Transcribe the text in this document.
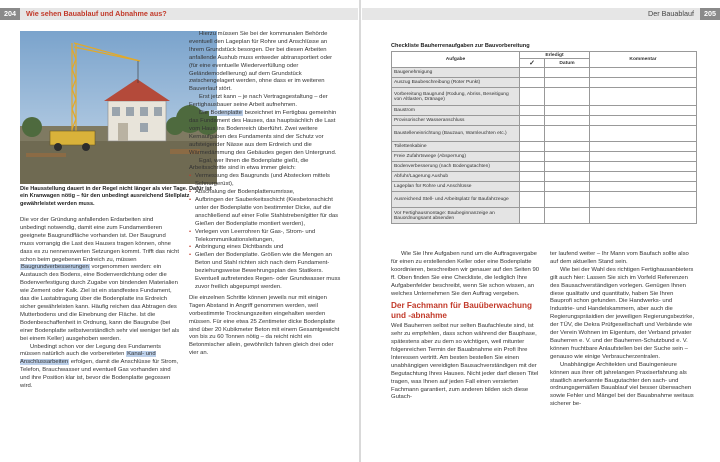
204	Wie sehen Bauablauf und Abnahme aus?	Der Bauablauf	205
Die Hausstellung dauert in der Regel nicht länger als vier Tage. Dafür ist ein Kranwagen nötig – für den unbedingt ausreichend Stellplatz gewährleistet werden muss.

Die vor der Gründung anfallenden Erdarbeiten sind unbedingt notwendig, damit eine zum Fundamentieren geeignete Baugrundfläche vorhanden ist. Der Baugrund muss vorrangig die Last des Hauses tragen können, ohne dass es zu nennenswerten Setzungen kommt. Trifft das nicht schon beim gegebenen Erdreich zu, müssen Baugrundverbesserungen vorgenommen werden: ein Austausch des Bodens, eine Bodenverdichtung oder die Bodenverfestigung durch Zugabe von bindenden Materialien wie Zement oder Kalk. Ziel ist ein standfestes Fundament, das die Lastabtragung über die Bodenplatte ins Erdreich sicher gewährleisten kann. Häufig reichen das Abtragen des Mutterbodens und die Einebnung der Fläche. Ist die Bodenbeschaffenheit in Ordnung, kann die Baugrube (bei einer Bodenplatte selbstverständlich sehr viel weniger tief als bei einem Keller) ausgehoben werden.

Unbedingt schon vor der Legung des Fundaments müssen natürlich auch die vorbereiteten Kanal- und Anschlussarbeiten erfolgen, damit die Anschlüsse für Strom, Telefon, Brauchwasser und eventuell Gas vorhanden sind und ihre Position klar ist, bevor die Bodenplatte gegossen wird.

Hierzu müssen Sie bei der kommunalen Behörde eventuell den Lageplan für Rohre und Anschlüsse an Ihrem Grundstück besorgen. Der bei diesen Arbeiten anfallende Aushub muss entweder abtransportiert oder (für eine eventuelle Wiederverfüllung oder Geländemodellierung) auf dem Grundstück zwischengelagert werden, ohne dass er im weiteren Bauverlauf stört.

Erst jetzt kann – je nach Vertragsgestaltung – der Fertighausbauer seine Arbeit aufnehmen.

Die Bodenplatte bezeichnet im Fertigbau gemeinhin das Fundament des Hauses, das hauptsächlich die Last vom Haus ins Bodenreich überführt. Zwei weitere Kernaufgaben des Fundaments sind der Schutz vor aufsteigender Nässe aus dem Erdreich und die Wärmedämmung des Gebäudes gegen den Untergrund.

Egal, wer Ihnen die Bodenplatte gießt, die Arbeitsschritte sind in etwa immer gleich:

• Vermessung des Baugrunds (und Abstecken mittels Schnurgerüst),
• Abschalung der Bodenplattenumrisse,
• Aufbringen der Sauberkeitsschicht (Kiesbetonschicht unter der Bodenplatte von bestimmter Dicke, auf die anschließend auf einer Folie Stahlstreben/gitter für das Gießen der Bodenplatte montiert werden),
• Verlegen von Leerrohren für Gas-, Strom- und Telekommunikationsleitungen,
• Anbringung eines Dichtbands und
• Gießen der Bodenplatte. Größen wie die Mengen an Beton und Stahl richten sich nach dem Fundament- beziehungsweise Bewehrungsplan des Statikers. Eventuell auftretendes Regen- oder Grundwasser muss zuvor freilich abgepumpt werden.

Die einzelnen Schritte können jeweils nur mit einigen Tagen Abstand in Angriff genommen werden, weil vorbestimmte Trocknungszeiten eingehalten werden müssen. Für eine etwa 25 Zentimeter dicke Bodenplatte sind über 20 Kubikmeter Beton mit einem Gesamtgewicht von bis zu 60 Tonnen nötig – da reicht nicht ein Betonmischer allein, gewöhnlich fahren gleich drei oder vier an.

Checkliste Bauherrenaufgaben zur Bauvorbereitung
Aufgabe	Erledigt		Kommentar
	✓	Datum	
Baugenehmigung			
Auszug Baubeschreibung (Roter Punkt)			
Vorbereitung Baugrund (Rodung, Abriss, Beseitigung von Altlasten, Dränage)			
Baustrom			
Provisorischer Wasseranschluss			
Baustelleneinrichtung (Bauzaun, Warnleuchten etc.)			
Toilettenkabine			
Freie Zufahrtswege (Absperrung)			
Bodenverbesserung (nach Bodengutachten)			
Abfuhr/Lagerung Aushub			
Lageplan für Rohre und Anschlüsse			
Ausreichend Stell- und Arbeitsplatz für Baufahrzeuge			
Vor Fertighausmontage: Baubeginnanzeige an Bauordnungsamt absenden			

Wie Sie Ihre Aufgaben rund um die Auftragsvergabe für einen zu erstellenden Keller oder eine Bodenplatte koordinieren, beschreiben wir genauer auf den Seiten 90 ff. Oben finden Sie eine Checkliste, die lediglich Ihre Aufgabenfelder beschreibt, wenn Sie schon wissen, an welches Unternehmen Sie den Auftrag vergeben.

Der Fachmann für Bauüberwachung und -abnahme

Weil Bauherren selbst nur selten Baufachleute sind, ist sehr zu empfehlen, dass schon während der Bauphase, spätestens aber zu dem so wichtigen, weil mitunter folgenreichen Termin der Bauabnahme ein Profi Ihre Interessen vertritt. Am besten bestellen Sie einen unabhängigen vereidigten Bausachverständigen mit der Begutachtung Ihres Hauses. Nicht jeder darf diesen Titel tragen, was Ihnen auf jeden Fall einen versierten Fachmann garantiert, zum anderen bilden sich diese Gutach-

ter laufend weiter – Ihr Mann vom Baufach sollte also auf dem aktuellen Stand sein.

Wie bei der Wahl des richtigen Fertighausanbieters gilt auch hier: Lassen Sie sich im Vorfeld Referenzen des Bausachverständigen vorlegen. Genügen Ihnen diese qualitativ und quantitativ, haben Sie Ihren Bauprofi schon gefunden. Die Handwerks- und Industrie- und Handelskammern, aber auch die Regierungspräsidien der jeweiligen Regierungsbezirke, der TÜV, die Dekra Prüfgesellschaft und Verbände wie der Verein Wohnen im Eigentum, der Verband privater Bauherren e. V. und der Bauherren-Schutzbund e. V. können fruchtbare Anlaufstellen bei der Suche sein – genauso wie einige Verbraucherzentralen.

Unabhängige Architekten und Bauingenieure können aus ihrer oft jahrelangen Praxiserfahrung als staatlich anerkannte Baugutachter den sach- und ordnungsgemäßen Bauablauf viel besser überwachen sowie Fehler und Mängel bei der Bauabnahme weitaus sicherer be-
